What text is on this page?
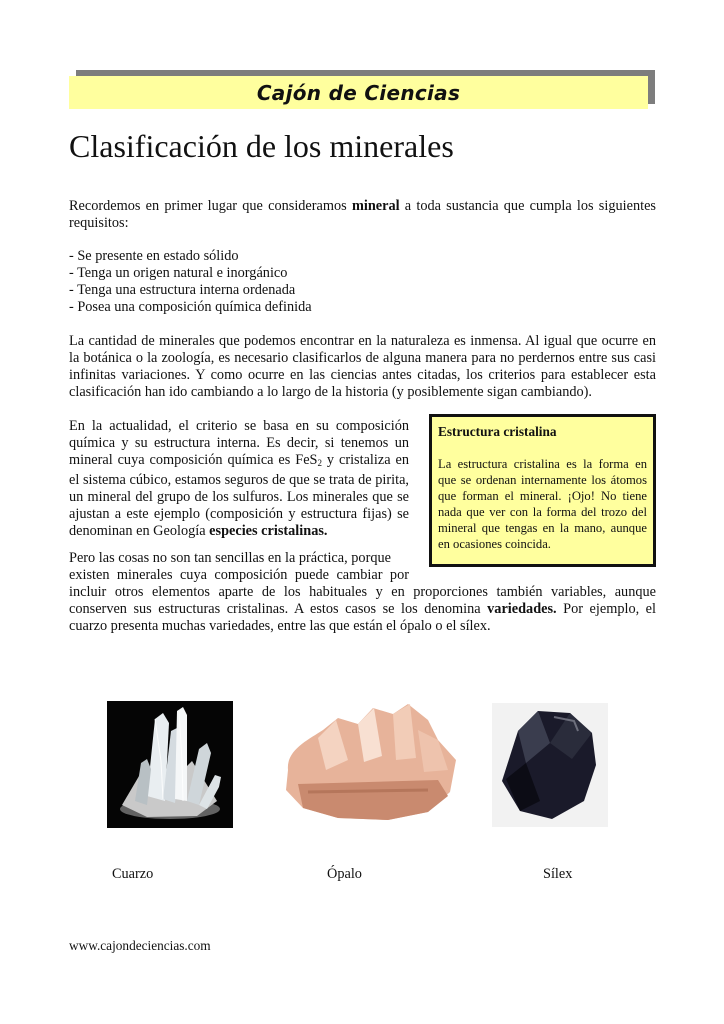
Cajón de Ciencias
Clasificación de los minerales

Recordemos en primer lugar que consideramos mineral a toda sustancia que cumpla los siguientes requisitos:

- Se presente en estado sólido
- Tenga un origen natural e inorgánico
- Tenga una estructura interna ordenada
- Posea una composición química definida

La cantidad de minerales que podemos encontrar en la naturaleza es inmensa. Al igual que ocurre en la botánica o la zoología, es necesario clasificarlos de alguna manera para no perdernos entre sus casi infinitas variaciones. Y como ocurre en las ciencias antes citadas, los criterios para establecer esta clasificación han ido cambiando a lo largo de la historia (y posiblemente sigan cambiando).

En la actualidad, el criterio se basa en su composición química y su estructura interna. Es decir, si tenemos un mineral cuya composición química es FeS$_2$ y cristaliza en el sistema cúbico, estamos seguros de que se trata de pirita, un mineral del grupo de los sulfuros. Los minerales que se ajustan a este ejemplo (composición y estructura fijas) se denominan en Geología especies cristalinas.

Estructura cristalina

La estructura cristalina es la forma en que se ordenan internamente los átomos que forman el mineral. ¡Ojo! No tiene nada que ver con la forma del trozo del mineral que tengas en la mano, aunque en ocasiones coincida.

Pero las cosas no son tan sencillas en la práctica, porque
existen minerales cuya composición puede cambiar por

incluir otros elementos aparte de los habituales y en proporciones también variables, aunque conserven sus estructuras cristalinas. A estos casos se los denomina variedades. Por ejemplo, el cuarzo presenta muchas variedades, entre las que están el ópalo o el sílex.

Cuarzo	Ópalo	Sílex
www.cajondeciencias.com
